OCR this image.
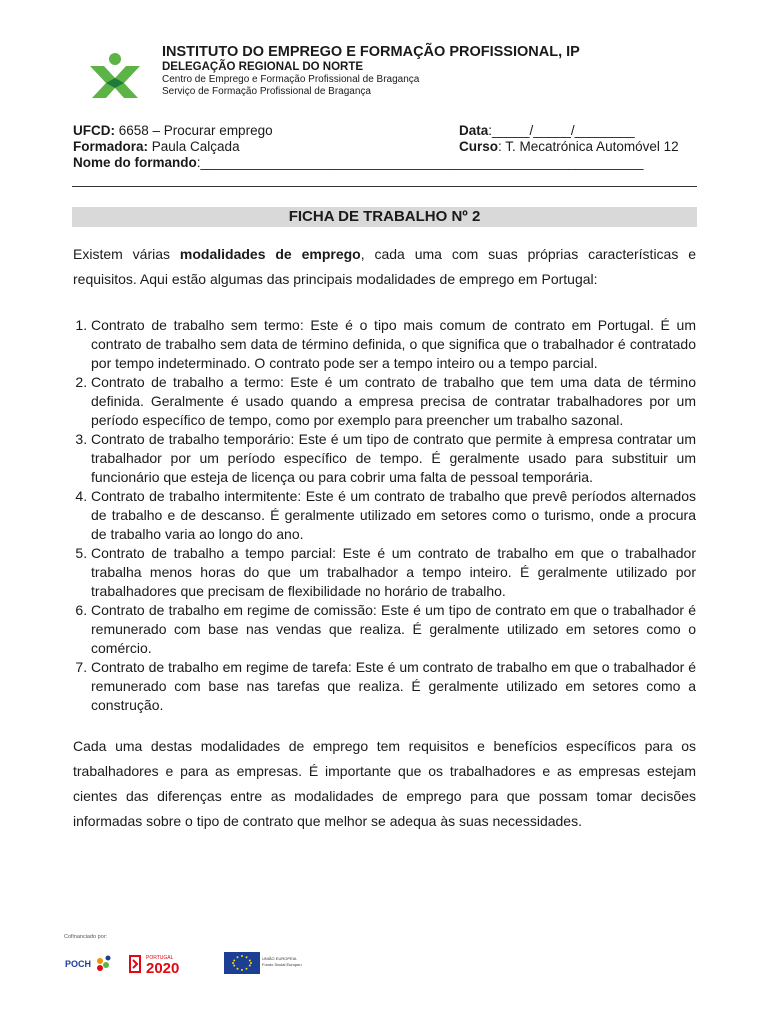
INSTITUTO DO EMPREGO E FORMAÇÃO PROFISSIONAL, IP
DELEGAÇÃO REGIONAL DO NORTE
Centro de Emprego e Formação Profissional de Bragança
Serviço de Formação Profissional de Bragança
UFCD: 6658 – Procurar emprego	Data:_____/_____/________
Formadora: Paula Calçada	Curso: T. Mecatrónica Automóvel 12
Nome do formando:___________________________________________________________
FICHA DE TRABALHO Nº 2

Existem várias modalidades de emprego, cada uma com suas próprias características e requisitos. Aqui estão algumas das principais modalidades de emprego em Portugal:

1. Contrato de trabalho sem termo: Este é o tipo mais comum de contrato em Portugal. É um contrato de trabalho sem data de término definida, o que significa que o trabalhador é contratado por tempo indeterminado. O contrato pode ser a tempo inteiro ou a tempo parcial.
2. Contrato de trabalho a termo: Este é um contrato de trabalho que tem uma data de término definida. Geralmente é usado quando a empresa precisa de contratar trabalhadores por um período específico de tempo, como por exemplo para preencher um trabalho sazonal.
3. Contrato de trabalho temporário: Este é um tipo de contrato que permite à empresa contratar um trabalhador por um período específico de tempo. É geralmente usado para substituir um funcionário que esteja de licença ou para cobrir uma falta de pessoal temporária.
4. Contrato de trabalho intermitente: Este é um contrato de trabalho que prevê períodos alternados de trabalho e de descanso. É geralmente utilizado em setores como o turismo, onde a procura de trabalho varia ao longo do ano.
5. Contrato de trabalho a tempo parcial: Este é um contrato de trabalho em que o trabalhador trabalha menos horas do que um trabalhador a tempo inteiro. É geralmente utilizado por trabalhadores que precisam de flexibilidade no horário de trabalho.
6. Contrato de trabalho em regime de comissão: Este é um tipo de contrato em que o trabalhador é remunerado com base nas vendas que realiza. É geralmente utilizado em setores como o comércio.
7. Contrato de trabalho em regime de tarefa: Este é um contrato de trabalho em que o trabalhador é remunerado com base nas tarefas que realiza. É geralmente utilizado em setores como a construção.

Cada uma destas modalidades de emprego tem requisitos e benefícios específicos para os trabalhadores e para as empresas. É importante que os trabalhadores e as empresas estejam cientes das diferenças entre as modalidades de emprego para que possam tomar decisões informadas sobre o tipo de contrato que melhor se adequa às suas necessidades.

Cofinanciado por:
POCH
PORTUGAL
2020
UNIÃO EUROPEIA
Fundo Social Europeu
